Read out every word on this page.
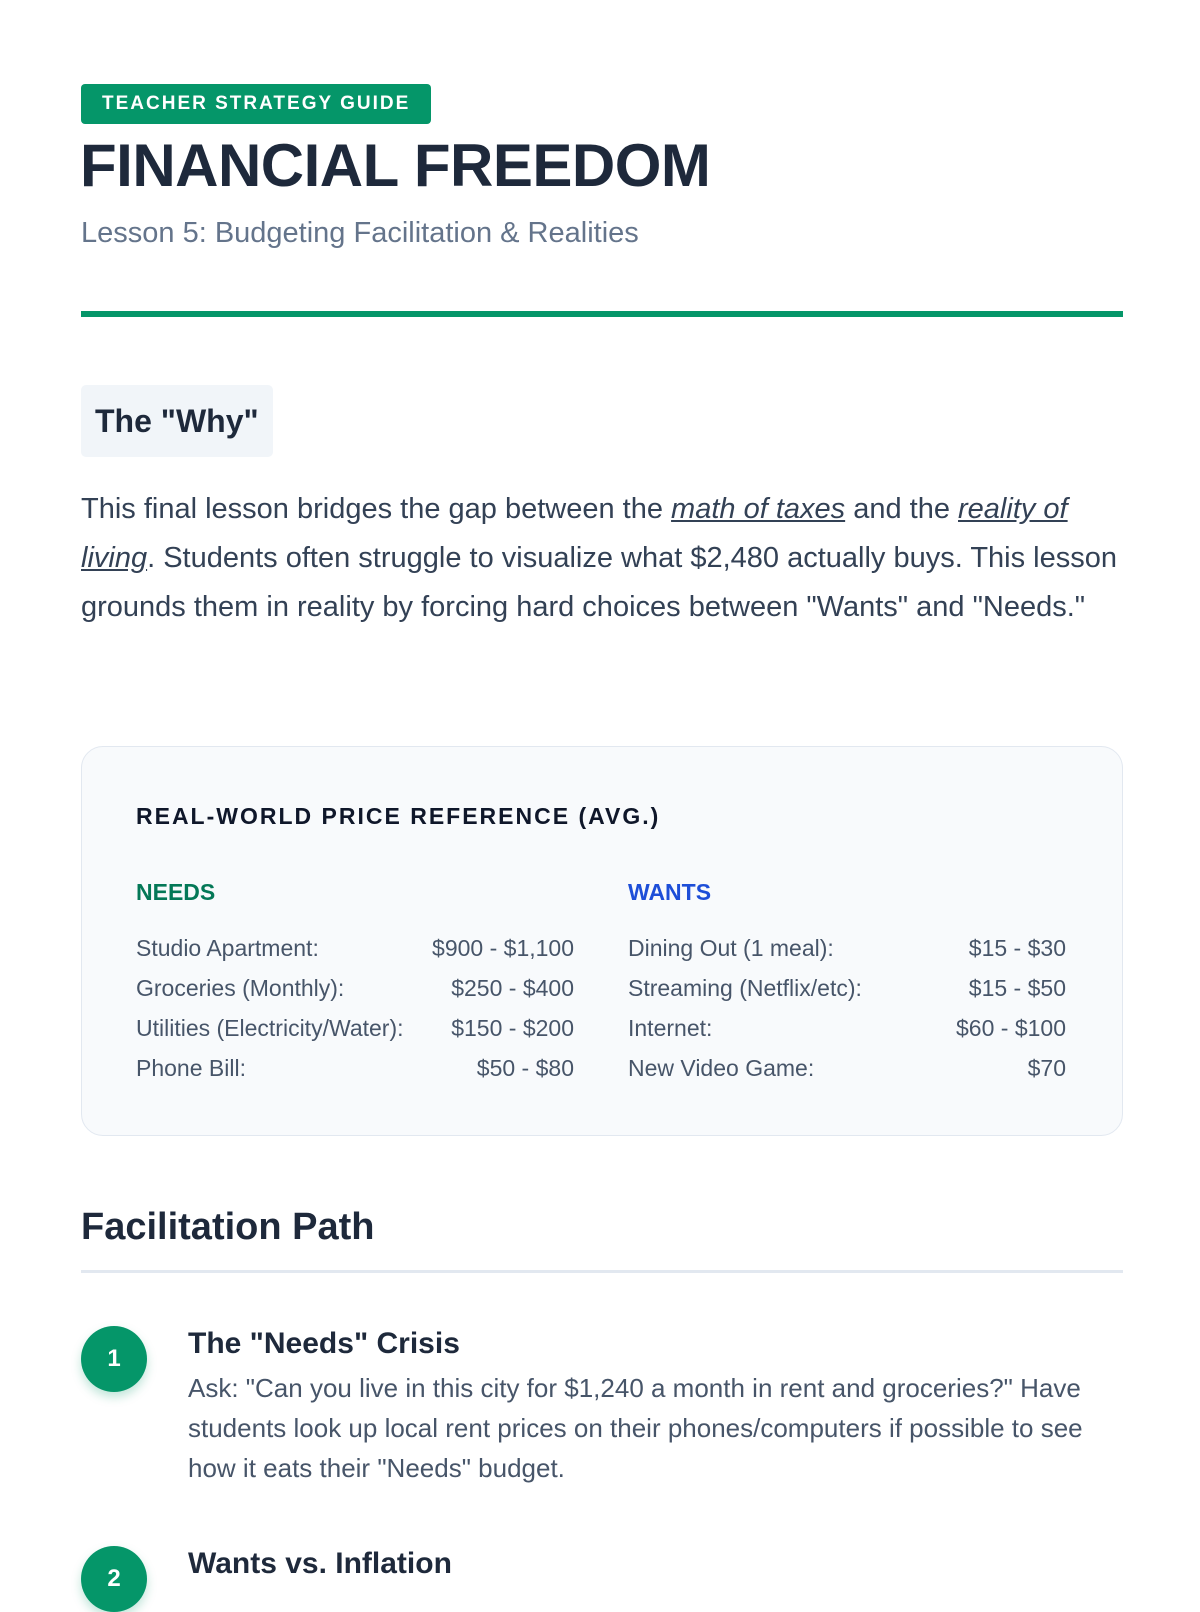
TEACHER STRATEGY GUIDE
FINANCIAL FREEDOM
Lesson 5: Budgeting Facilitation & Realities
The "Why"

This final lesson bridges the gap between the math of taxes and the reality of living. Students often struggle to visualize what $2,480 actually buys. This lesson grounds them in reality by forcing hard choices between "Wants" and "Needs."

REAL-WORLD PRICE REFERENCE (AVG.)
NEEDS
Studio Apartment:	$900 - $1,100
Groceries (Monthly):	$250 - $400
Utilities (Electricity/Water): $150 - $200
Phone Bill:	$50 - $80
WANTS
Dining Out (1 meal):	$15 - $30
Streaming (Netflix/etc):	$15 - $50
Internet:	$60 - $100
New Video Game:	$70
Facilitation Path
1	The "Needs" Crisis

Ask: "Can you live in this city for $1,240 a month in rent and groceries?" Have students look up local rent prices on their phones/computers if possible to see how it eats their "Needs" budget.

2	Wants vs. Inflation
